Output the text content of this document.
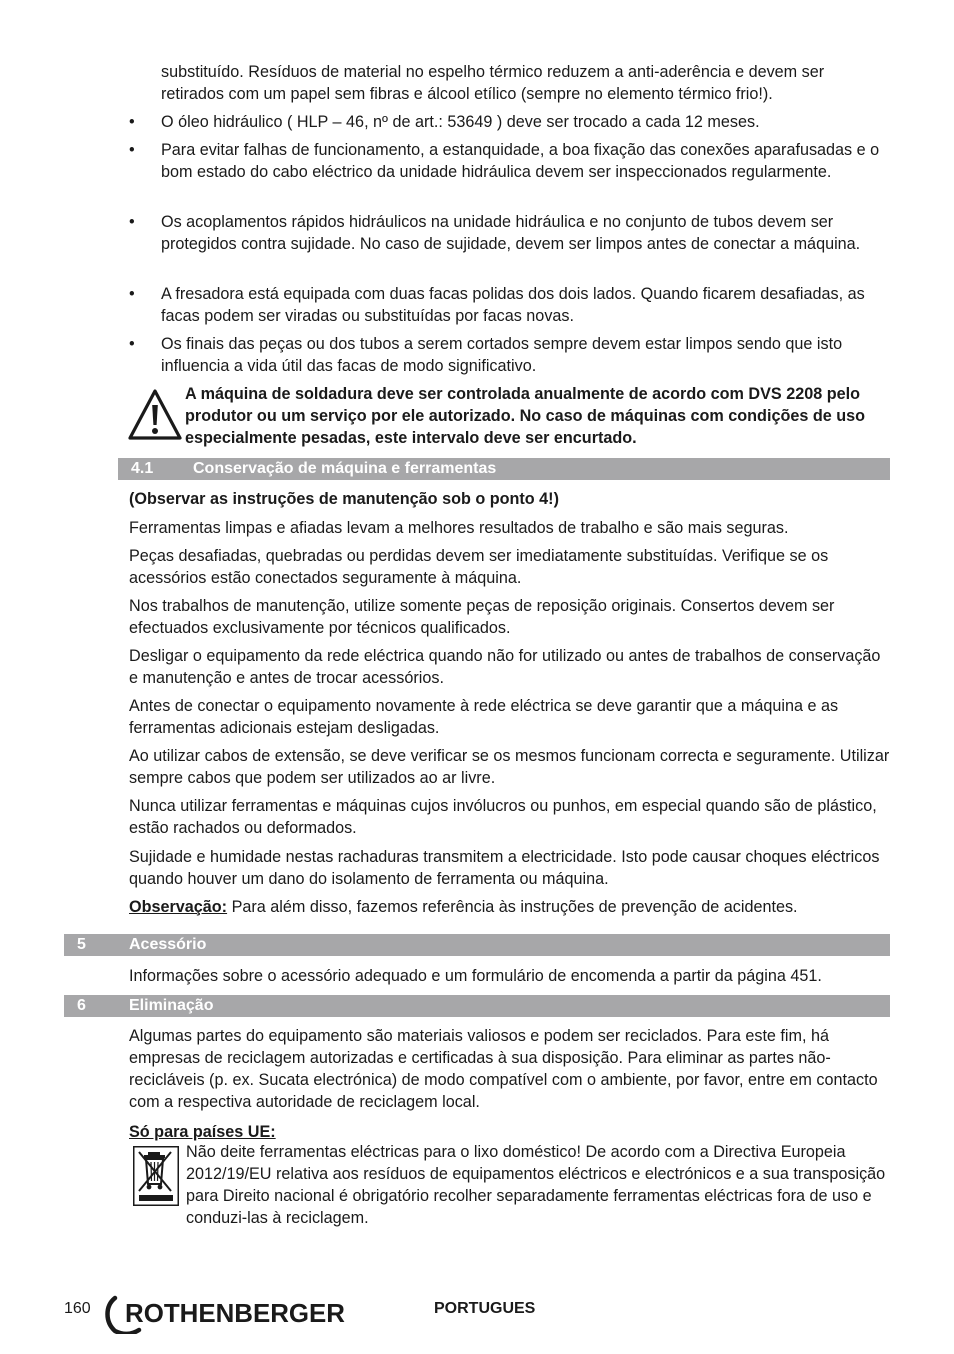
substituído. Resíduos de material no espelho térmico reduzem a anti-aderência e devem ser retirados com um papel sem fibras e álcool etílico (sempre no elemento térmico frio!).

•	O óleo hidráulico ( HLP – 46, nº de art.: 53649 ) deve ser trocado a cada 12 meses.

•	Para evitar falhas de funcionamento, a estanquidade, a boa fixação das conexões aparafusadas e o bom estado do cabo eléctrico da unidade hidráulica devem ser inspeccionados regularmente.

•	Os acoplamentos rápidos hidráulicos na unidade hidráulica e no conjunto de tubos devem ser protegidos contra sujidade. No caso de sujidade, devem ser limpos antes de conectar a máquina.

•	A fresadora está equipada com duas facas polidas dos dois lados. Quando ficarem desafiadas, as facas podem ser viradas ou substituídas por facas novas.

•	Os finais das peças ou dos tubos a serem cortados sempre devem estar limpos sendo que isto influencia a vida útil das facas de modo significativo.

A máquina de soldadura deve ser controlada anualmente de acordo com DVS 2208 pelo produtor ou um serviço por ele autorizado. No caso de máquinas com condições de uso especialmente pesadas, este intervalo deve ser encurtado.

4.1 Conservação de máquina e ferramentas

(Observar as instruções de manutenção sob o ponto 4!)

Ferramentas limpas e afiadas levam a melhores resultados de trabalho e são mais seguras.

Peças desafiadas, quebradas ou perdidas devem ser imediatamente substituídas. Verifique se os acessórios estão conectados seguramente à máquina.

Nos trabalhos de manutenção, utilize somente peças de reposição originais. Consertos devem ser efectuados exclusivamente por técnicos qualificados.

Desligar o equipamento da rede eléctrica quando não for utilizado ou antes de trabalhos de conservação e manutenção e antes de trocar acessórios.

Antes de conectar o equipamento novamente à rede eléctrica se deve garantir que a máquina e as ferramentas adicionais estejam desligadas.

Ao utilizar cabos de extensão, se deve verificar se os mesmos funcionam correcta e seguramente. Utilizar sempre cabos que podem ser utilizados ao ar livre.

Nunca utilizar ferramentas e máquinas cujos invólucros ou punhos, em especial quando são de plástico, estão rachados ou deformados.

Sujidade e humidade nestas rachaduras transmitem a electricidade. Isto pode causar choques eléctricos quando houver um dano do isolamento de ferramenta ou máquina.

Observação: Para além disso, fazemos referência às instruções de prevenção de acidentes.

5	Acessório

Informações sobre o acessório adequado e um formulário de encomenda a partir da página 451.

6	Eliminação

Algumas partes do equipamento são materiais valiosos e podem ser reciclados. Para este fim, há empresas de reciclagem autorizadas e certificadas à sua disposição. Para eliminar as partes não-recicláveis (p. ex. Sucata electrónica) de modo compatível com o ambiente, por favor, entre em contacto com a respectiva autoridade de reciclagem local.

Só para países UE:

Não deite ferramentas eléctricas para o lixo doméstico! De acordo com a Directiva Europeia 2012/19/EU relativa aos resíduos de equipamentos eléctricos e electrónicos e a sua transposição para Direito nacional é obrigatório recolher separadamente ferramentas eléctricas fora de uso e conduzi-las à reciclagem.

160 ROTHENBERGER	PORTUGUES
